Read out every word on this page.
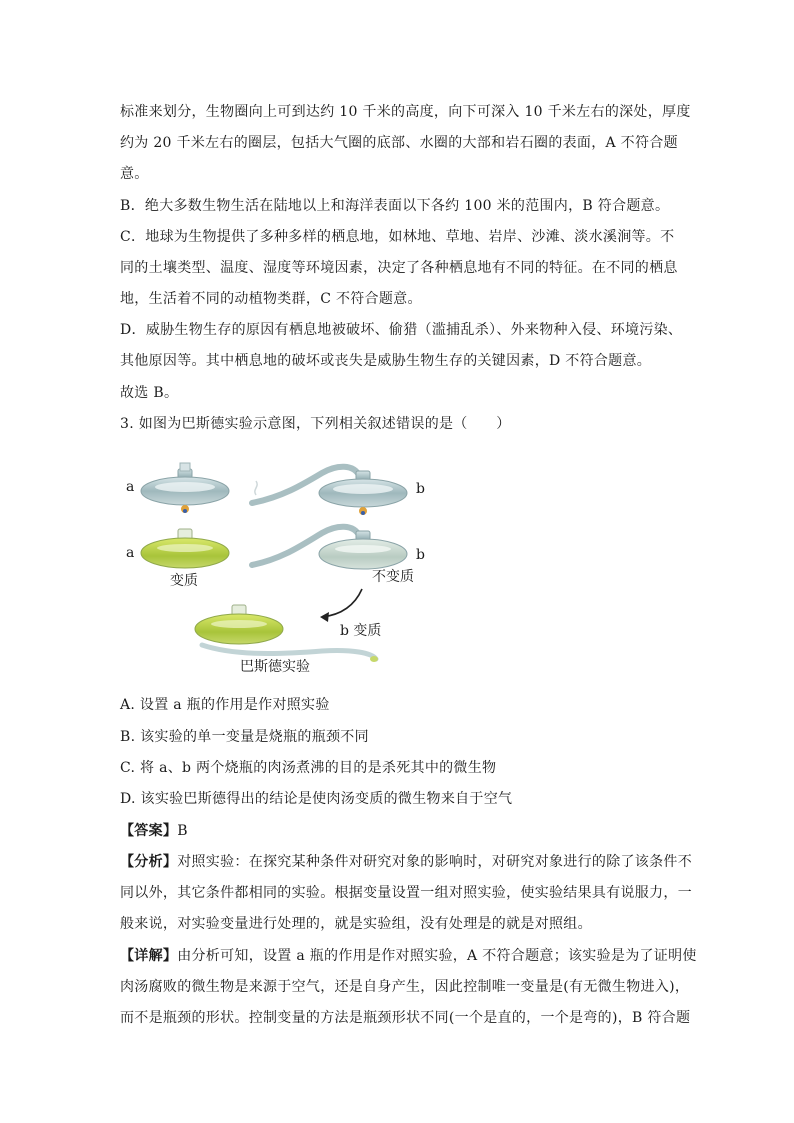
标准来划分，生物圈向上可到达约 10 千米的高度，向下可深入 10 千米左右的深处，厚度
约为 20 千米左右的圈层，包括大气圈的底部、水圈的大部和岩石圈的表面，A 不符合题
意。
B．绝大多数生物生活在陆地以上和海洋表面以下各约 100 米的范围内，B 符合题意。
C．地球为生物提供了多种多样的栖息地，如林地、草地、岩岸、沙滩、淡水溪涧等。不
同的土壤类型、温度、湿度等环境因素，决定了各种栖息地有不同的特征。在不同的栖息
地，生活着不同的动植物类群，C 不符合题意。
D．威胁生物生存的原因有栖息地被破坏、偷猎（滥捕乱杀）、外来物种入侵、环境污染、
其他原因等。其中栖息地的破坏或丧失是威胁生物生存的关键因素，D 不符合题意。
故选 B。
3. 如图为巴斯德实验示意图，下列相关叙述错误的是（　　）
a	b
a	b
变质	不变质
b 变质
巴斯德实验
A. 设置 a 瓶的作用是作对照实验
B. 该实验的单一变量是烧瓶的瓶颈不同
C. 将 a、b 两个烧瓶的肉汤煮沸的目的是杀死其中的微生物
D. 该实验巴斯德得出的结论是使肉汤变质的微生物来自于空气
【答案】B
【分析】对照实验：在探究某种条件对研究对象的影响时，对研究对象进行的除了该条件不
同以外，其它条件都相同的实验。根据变量设置一组对照实验，使实验结果具有说服力，一
般来说，对实验变量进行处理的，就是实验组，没有处理是的就是对照组。
【详解】由分析可知，设置 a 瓶的作用是作对照实验，A 不符合题意；该实验是为了证明使
肉汤腐败的微生物是来源于空气，还是自身产生，因此控制唯一变量是(有无微生物进入)，
而不是瓶颈的形状。控制变量的方法是瓶颈形状不同(一个是直的，一个是弯的)，B 符合题
